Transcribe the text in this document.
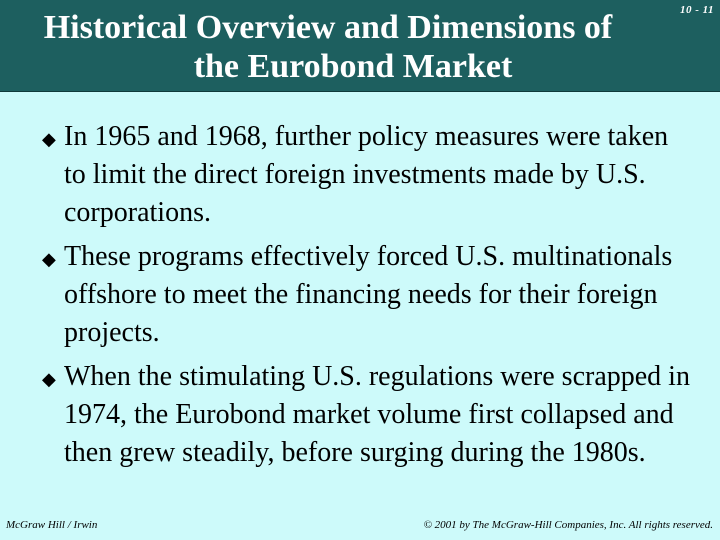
Historical Overview and Dimensions of
the Eurobond Market
10 - 11
◆ In 1965 and 1968, further policy measures were taken to limit the direct foreign investments made by U.S. corporations.
◆ These programs effectively forced U.S. multinationals offshore to meet the financing needs for their foreign projects.
◆ When the stimulating U.S. regulations were scrapped in 1974, the Eurobond market volume first collapsed and then grew steadily, before surging during the 1980s.
McGraw Hill / Irwin	© 2001 by The McGraw-Hill Companies, Inc. All rights reserved.
